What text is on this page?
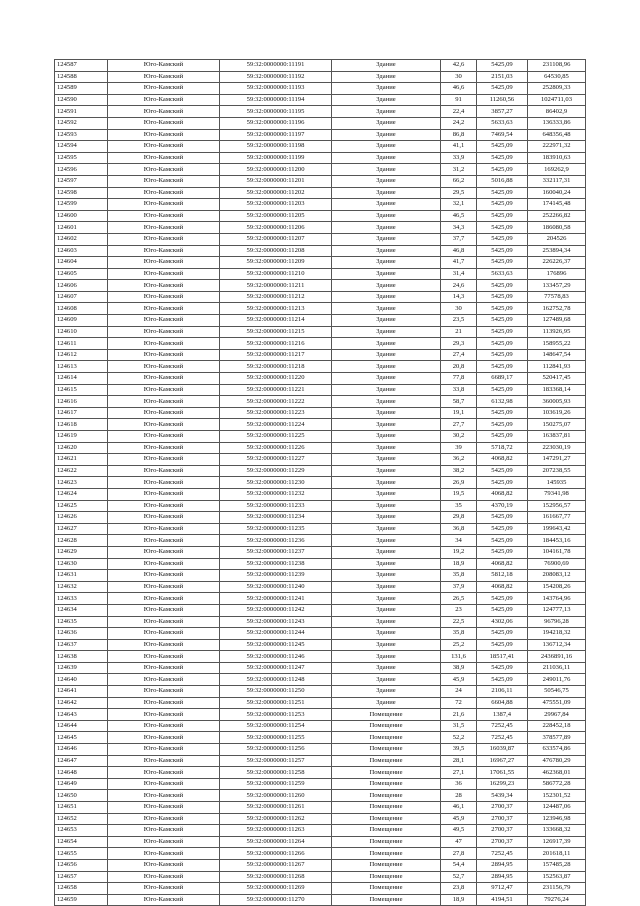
124587	Юго-Камский	59:32:0000000:11191	Здание	42,6	5425,09	231108,96
124588	Юго-Камский	59:32:0000000:11192	Здание	30	2151,03	64530,85
124589	Юго-Камский	59:32:0000000:11193	Здание	46,6	5425,09	252809,33
124590	Юго-Камский	59:32:0000000:11194	Здание	91	11260,56	1024711,03
124591	Юго-Камский	59:32:0000000:11195	Здание	22,4	3857,27	86402,9
124592	Юго-Камский	59:32:0000000:11196	Здание	24,2	5633,63	136333,86
124593	Юго-Камский	59:32:0000000:11197	Здание	86,8	7469,54	648356,48
124594	Юго-Камский	59:32:0000000:11198	Здание	41,1	5425,09	222971,32
124595	Юго-Камский	59:32:0000000:11199	Здание	33,9	5425,09	183910,63
124596	Юго-Камский	59:32:0000000:11200	Здание	31,2	5425,09	169262,9
124597	Юго-Камский	59:32:0000000:11201	Здание	66,2	5016,88	332117,31
124598	Юго-Камский	59:32:0000000:11202	Здание	29,5	5425,09	160040,24
124599	Юго-Камский	59:32:0000000:11203	Здание	32,1	5425,09	174145,48
124600	Юго-Камский	59:32:0000000:11205	Здание	46,5	5425,09	252266,82
124601	Юго-Камский	59:32:0000000:11206	Здание	34,3	5425,09	186080,58
124602	Юго-Камский	59:32:0000000:11207	Здание	37,7	5425,09	204526
124603	Юго-Камский	59:32:0000000:11208	Здание	46,8	5425,09	253894,34
124604	Юго-Камский	59:32:0000000:11209	Здание	41,7	5425,09	226226,37
124605	Юго-Камский	59:32:0000000:11210	Здание	31,4	5633,63	176896
124606	Юго-Камский	59:32:0000000:11211	Здание	24,6	5425,09	133457,29
124607	Юго-Камский	59:32:0000000:11212	Здание	14,3	5425,09	77578,83
124608	Юго-Камский	59:32:0000000:11213	Здание	30	5425,09	162752,78
124609	Юго-Камский	59:32:0000000:11214	Здание	23,5	5425,09	127489,68
124610	Юго-Камский	59:32:0000000:11215	Здание	21	5425,09	113926,95
124611	Юго-Камский	59:32:0000000:11216	Здание	29,3	5425,09	158955,22
124612	Юго-Камский	59:32:0000000:11217	Здание	27,4	5425,09	148647,54
124613	Юго-Камский	59:32:0000000:11218	Здание	20,8	5425,09	112841,93
124614	Юго-Камский	59:32:0000000:11220	Здание	77,8	6689,17	520417,45
124615	Юго-Камский	59:32:0000000:11221	Здание	33,8	5425,09	183368,14
124616	Юго-Камский	59:32:0000000:11222	Здание	58,7	6132,98	360005,93
124617	Юго-Камский	59:32:0000000:11223	Здание	19,1	5425,09	103619,26
124618	Юго-Камский	59:32:0000000:11224	Здание	27,7	5425,09	150275,07
124619	Юго-Камский	59:32:0000000:11225	Здание	30,2	5425,09	163837,81
124620	Юго-Камский	59:32:0000000:11226	Здание	39	5718,72	223030,19
124621	Юго-Камский	59:32:0000000:11227	Здание	36,2	4068,82	147291,27
124622	Юго-Камский	59:32:0000000:11229	Здание	38,2	5425,09	207238,55
124623	Юго-Камский	59:32:0000000:11230	Здание	26,9	5425,09	145935
124624	Юго-Камский	59:32:0000000:11232	Здание	19,5	4068,82	79341,98
124625	Юго-Камский	59:32:0000000:11233	Здание	35	4370,19	152956,57
124626	Юго-Камский	59:32:0000000:11234	Здание	29,8	5425,09	161667,77
124627	Юго-Камский	59:32:0000000:11235	Здание	36,8	5425,09	199643,42
124628	Юго-Камский	59:32:0000000:11236	Здание	34	5425,09	184453,16
124629	Юго-Камский	59:32:0000000:11237	Здание	19,2	5425,09	104161,78
124630	Юго-Камский	59:32:0000000:11238	Здание	18,9	4068,82	76900,69
124631	Юго-Камский	59:32:0000000:11239	Здание	35,8	5812,18	208083,12
124632	Юго-Камский	59:32:0000000:11240	Здание	37,9	4068,82	154208,26
124633	Юго-Камский	59:32:0000000:11241	Здание	26,5	5425,09	143764,96
124634	Юго-Камский	59:32:0000000:11242	Здание	23	5425,09	124777,13
124635	Юго-Камский	59:32:0000000:11243	Здание	22,5	4302,06	96796,28
124636	Юго-Камский	59:32:0000000:11244	Здание	35,8	5425,09	194218,32
124637	Юго-Камский	59:32:0000000:11245	Здание	25,2	5425,09	136712,34
124638	Юго-Камский	59:32:0000000:11246	Здание	131,6	18517,41	2436891,16
124639	Юго-Камский	59:32:0000000:11247	Здание	38,9	5425,09	211036,11
124640	Юго-Камский	59:32:0000000:11248	Здание	45,9	5425,09	249011,76
124641	Юго-Камский	59:32:0000000:11250	Здание	24	2106,11	50546,75
124642	Юго-Камский	59:32:0000000:11251	Здание	72	6604,88	475551,09
124643	Юго-Камский	59:32:0000000:11253	Помещение	21,6	1387,4	29967,84
124644	Юго-Камский	59:32:0000000:11254	Помещение	31,5	7252,45	228452,18
124645	Юго-Камский	59:32:0000000:11255	Помещение	52,2	7252,45	378577,89
124646	Юго-Камский	59:32:0000000:11256	Помещение	39,5	16039,87	633574,86
124647	Юго-Камский	59:32:0000000:11257	Помещение	28,1	16967,27	476780,29
124648	Юго-Камский	59:32:0000000:11258	Помещение	27,1	17061,55	462368,01
124649	Юго-Камский	59:32:0000000:11259	Помещение	36	16299,23	586772,28
124650	Юго-Камский	59:32:0000000:11260	Помещение	28	5439,34	152301,52
124651	Юго-Камский	59:32:0000000:11261	Помещение	46,1	2700,37	124487,06
124652	Юго-Камский	59:32:0000000:11262	Помещение	45,9	2700,37	123946,98
124653	Юго-Камский	59:32:0000000:11263	Помещение	49,5	2700,37	133668,32
124654	Юго-Камский	59:32:0000000:11264	Помещение	47	2700,37	126917,39
124655	Юго-Камский	59:32:0000000:11266	Помещение	27,8	7252,45	201618,11
124656	Юго-Камский	59:32:0000000:11267	Помещение	54,4	2894,95	157485,28
124657	Юго-Камский	59:32:0000000:11268	Помещение	52,7	2894,95	152563,87
124658	Юго-Камский	59:32:0000000:11269	Помещение	23,8	9712,47	231156,79
124659	Юго-Камский	59:32:0000000:11270	Помещение	18,9	4194,51	79276,24
